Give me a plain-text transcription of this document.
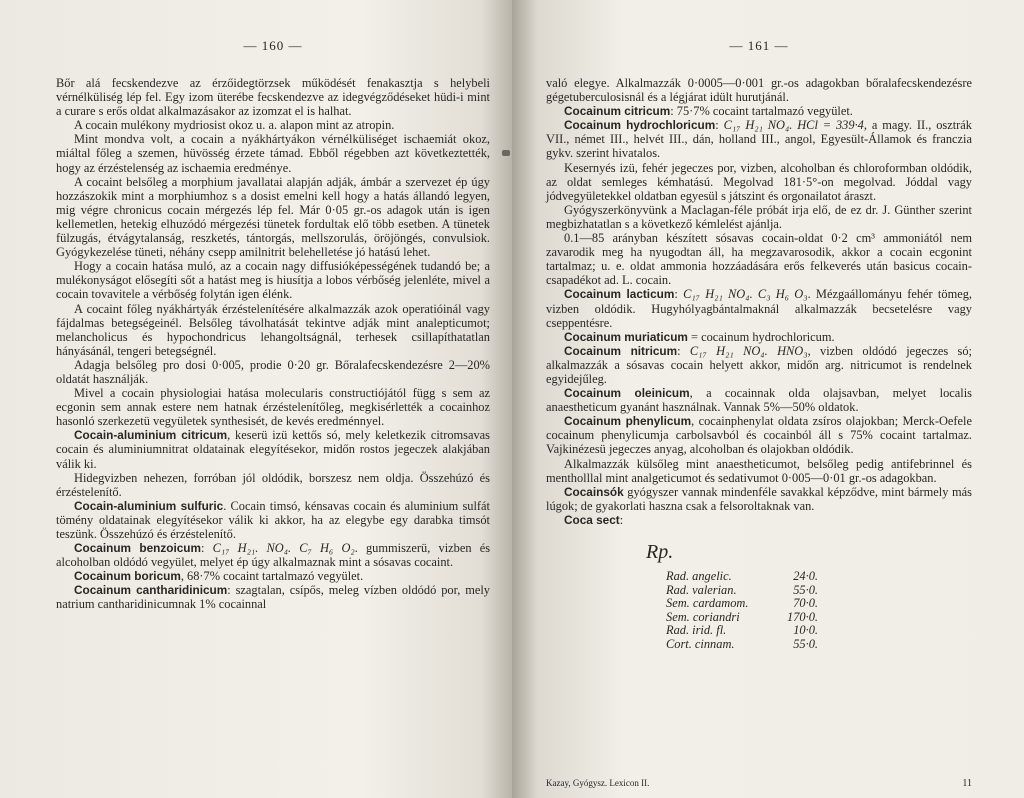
— 160 —

Bőr alá fecskendezve az érzőidegtörzsek működését fenakasztja s helybeli vérnélküliség lép fel. Egy izom üterébe fecskendezve az idegvégződéseket hüdi-i mint a curare s erős oldat alkalmazásakor az izomzat el is halhat.

A cocain mulékony mydriosist okoz u. a. alapon mint az atropin.

Mint mondva volt, a cocain a nyákhártyákon vérnélküliséget ischaemiát okoz, miáltal főleg a szemen, hüvösség érzete támad. Ebből régebben azt következtették, hogy az érzéstelenség az ischaemia eredménye.

A cocaint belsőleg a morphium javallatai alapján adják, ámbár a szervezet ép úgy hozzászokik mint a morphiumhoz s a dosist emelni kell hogy a hatás állandó legyen, mig végre chronicus cocain mérgezés lép fel. Már 0·05 gr.-os adagok után is igen kellemetlen, hetekig elhuzódó mérgezési tünetek fordultak elő több esetben. A tünetek fülzugás, étvágytalanság, reszketés, tántorgás, mellszorulás, öröjöngés, convulsiok. Gyógykezelése tüneti, néhány csepp amilnitrit belehelletése jó hatású lehet.

Hogy a cocain hatása muló, az a cocain nagy diffusióképességének tudandó be; a mulékonyságot elősegíti sőt a hatást meg is hiusítja a lobos vérbőség jelenléte, mivel a cocain tovavitele a vérbőség folytán igen élénk.

A cocaint főleg nyákhártyák érzéstelenítésére alkalmazzák azok operatióinál vagy fájdalmas betegségeinél. Belsőleg távolhatását tekintve adják mint analepticumot; melancholicus és hypochondricus lehangoltságnál, terhesek csillapíthatatlan hányásánál, tengeri betegségnél.

Adagja belsőleg pro dosi 0·005, prodie 0·20 gr. Bőralafecskendezésre 2—20% oldatát használják.

Mivel a cocain physiologiai hatása molecularis constructiójától függ s sem az ecgonin sem annak estere nem hatnak érzéstelenítőleg, megkisérlették a cocainhoz hasonló szerkezetü vegyületek synthesisét, de kevés eredménnyel.

Cocain-aluminium citricum, keserü izü kettős só, mely keletkezik citromsavas cocain és aluminiumnitrat oldatainak elegyítésekor, midőn rostos jegeczek alakjában válik ki.

Hidegvizben nehezen, forróban jól oldódik, borszesz nem oldja. Összehúzó és érzéstelenítő.

Cocain-aluminium sulfuric. Cocain timsó, kénsavas cocain és aluminium sulfát tömény oldatainak elegyítésekor válik ki akkor, ha az elegybe egy darabka timsót teszünk. Összehúzó és érzéstelenítő.

Cocainum benzoicum: C₁₇ H₂₁. NO₄. C₇ H₆ O₂. gummiszerü, vizben és alcoholban oldódó vegyület, melyet ép úgy alkalmaznak mint a sósavas cocaint.

Cocainum boricum, 68·7% cocaint tartalmazó vegyület.

Cocainum cantharidinicum: szagtalan, csípős, meleg vízben oldódó por, mely natrium cantharidinicumnak 1% cocainnal

— 161 —

való elegye. Alkalmazzák 0·0005—0·001 gr.-os adagokban bőralafecskendezésre gégetuberculosisnál és a légjárat idült hurutjánál.

Cocainum citricum: 75·7% cocaint tartalmazó vegyület.

Cocainum hydrochloricum: C₁₇ H₂₁ NO₄. HCl = 339·4, a magy. II., osztrák VII., német III., helvét III., dán, holland III., angol, Egyesült-Államok és franczia gykv. szerint hivatalos.

Kesernyés izü, fehér jegeczes por, vizben, alcoholban és chloroformban oldódik, az oldat semleges kémhatású. Megolvad 181·5°-on megolvad. Jóddal vagy jódvegyületekkel oldatban egyesül s játszint és orgonailatot áraszt.

Gyógyszerkönyvünk a Maclagan-féle próbát irja elő, de ez dr. J. Günther szerint megbizhatatlan s a következő kémlelést ajánlja.

0.1—85 arányban készített sósavas cocain-oldat 0·2 cm³ ammoniától nem zavarodik meg ha nyugodtan áll, ha megzavarosodik, akkor a cocain ecgonint tartalmaz; u. e. oldat ammonia hozzáadására erős felkeverés után basicus cocain-csapadékot ad. L. cocain.

Cocainum lacticum: C₁₇ H₂₁ NO₄. C₃ H₆ O₃. Mézgaállományu fehér tömeg, vizben oldódik. Hugyhólyagbántalmaknál alkalmazzák becsetelésre vagy cseppentésre.

Cocainum muriaticum = cocainum hydrochloricum.

Cocainum nitricum: C₁₇ H₂₁ NO₄. HNO₃, vizben oldódó jegeczes só; alkalmazzák a sósavas cocain helyett akkor, midőn arg. nitricumot is rendelnek egyidejűleg.

Cocainum oleinicum, a cocainnak olda olajsavban, melyet localis anaestheticum gyanánt használnak. Vannak 5%—50% oldatok.

Cocainum phenylicum, cocainphenylat oldata zsíros olajokban; Merck-Oefele cocainum phenylicumja carbolsavból és cocainból áll s 75% cocaint tartalmaz. Vajkinézesü jegeczes anyag, alcoholban és olajokban oldódik.

Alkalmazzák külsőleg mint anaestheticumot, belsőleg pedig antifebrinnel és mentholllal mint analgeticumot és sedativumot 0·005—0·01 gr.-os adagokban.

Cocainsók gyógyszer vannak mindenféle savakkal képződve, mint bármely más lúgok; de gyakorlati haszna csak a felsoroltaknak van.

Coca sect:

Rp.
Rad. angelic.	24·0.
Rad. valerian.	55·0.
Sem. cardamom.	70·0.
Sem. coriandri	170·0.
Rad. irid. fl.	10·0.
Cort. cinnam.	55·0.
Kazay, Gyógysz. Lexicon II.	11
